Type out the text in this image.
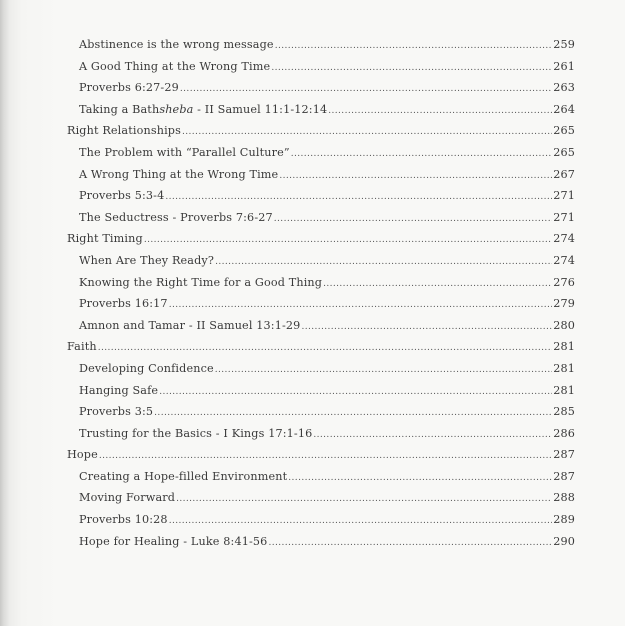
Abstinence is the wrong message .....	259
A Good Thing at the Wrong Time .....	261
Proverbs 6:27-29 .....	263
Taking a Bathsheba - II Samuel 11:1-12:14 .....	264
Right Relationships .....	265
The Problem with “Parallel Culture” .....	265
A Wrong Thing at the Wrong Time .....	267
Proverbs 5:3-4 .....	271
The Seductress - Proverbs 7:6-27 .....	271
Right Timing .....	274
When Are They Ready? .....	274
Knowing the Right Time for a Good Thing .....	276
Proverbs 16:17 .....	279
Amnon and Tamar - II Samuel 13:1-29 .....	280
Faith .....	281
Developing Confidence .....	281
Hanging Safe .....	281
Proverbs 3:5 .....	285
Trusting for the Basics - I Kings 17:1-16 .....	286
Hope .....	287
Creating a Hope-filled Environment .....	287
Moving Forward .....	288
Proverbs 10:28 .....	289
Hope for Healing - Luke 8:41-56 .....	290
